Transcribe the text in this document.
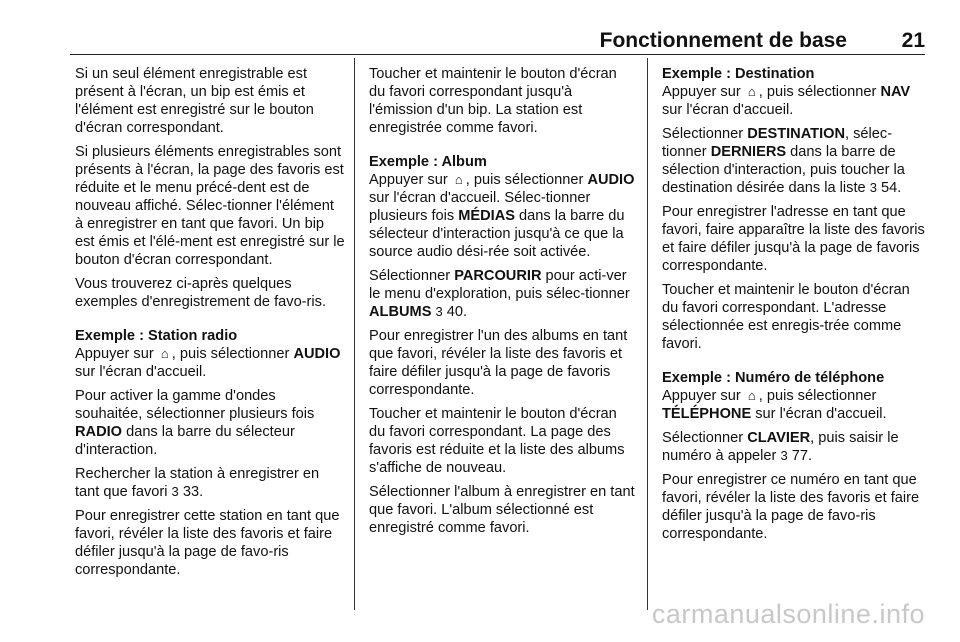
Fonctionnement de base	21

Si un seul élément enregistrable est présent à l'écran, un bip est émis et l'élément est enregistré sur le bouton d'écran correspondant.

Si plusieurs éléments enregistrables sont présents à l'écran, la page des favoris est réduite et le menu précé-dent est de nouveau affiché. Sélec-tionner l'élément à enregistrer en tant que favori. Un bip est émis et l'élé-ment est enregistré sur le bouton d'écran correspondant.

Vous trouverez ci-après quelques exemples d'enregistrement de favo-ris.

Exemple : Station radio

Appuyer sur ⌂ , puis sélectionner AUDIO sur l'écran d'accueil.

Pour activer la gamme d'ondes souhaitée, sélectionner plusieurs fois RADIO dans la barre du sélecteur d'interaction.

Rechercher la station à enregistrer en tant que favori 3 33.

Pour enregistrer cette station en tant que favori, révéler la liste des favoris et faire défiler jusqu'à la page de favo-ris correspondante.

Toucher et maintenir le bouton d'écran du favori correspondant jusqu'à l'émission d'un bip. La station est enregistrée comme favori.

Exemple : Album

Appuyer sur ⌂ , puis sélectionner AUDIO sur l'écran d'accueil. Sélec-tionner plusieurs fois MÉDIAS dans la barre du sélecteur d'interaction jusqu'à ce que la source audio dési-rée soit activée.

Sélectionner PARCOURIR pour acti-ver le menu d'exploration, puis sélec-tionner ALBUMS 3 40.

Pour enregistrer l'un des albums en tant que favori, révéler la liste des favoris et faire défiler jusqu'à la page de favoris correspondante.

Toucher et maintenir le bouton d'écran du favori correspondant. La page des favoris est réduite et la liste des albums s'affiche de nouveau.

Sélectionner l'album à enregistrer en tant que favori. L'album sélectionné est enregistré comme favori.

Exemple : Destination

Appuyer sur ⌂ , puis sélectionner NAV sur l'écran d'accueil.

Sélectionner DESTINATION, sélec-tionner DERNIERS dans la barre de sélection d'interaction, puis toucher la destination désirée dans la liste 3 54.

Pour enregistrer l'adresse en tant que favori, faire apparaître la liste des favoris et faire défiler jusqu'à la page de favoris correspondante.

Toucher et maintenir le bouton d'écran du favori correspondant. L'adresse sélectionnée est enregis-trée comme favori.

Exemple : Numéro de téléphone

Appuyer sur ⌂ , puis sélectionner TÉLÉPHONE sur l'écran d'accueil.

Sélectionner CLAVIER, puis saisir le numéro à appeler 3 77.

Pour enregistrer ce numéro en tant que favori, révéler la liste des favoris et faire défiler jusqu'à la page de favo-ris correspondante.

carmanualsonline.info
